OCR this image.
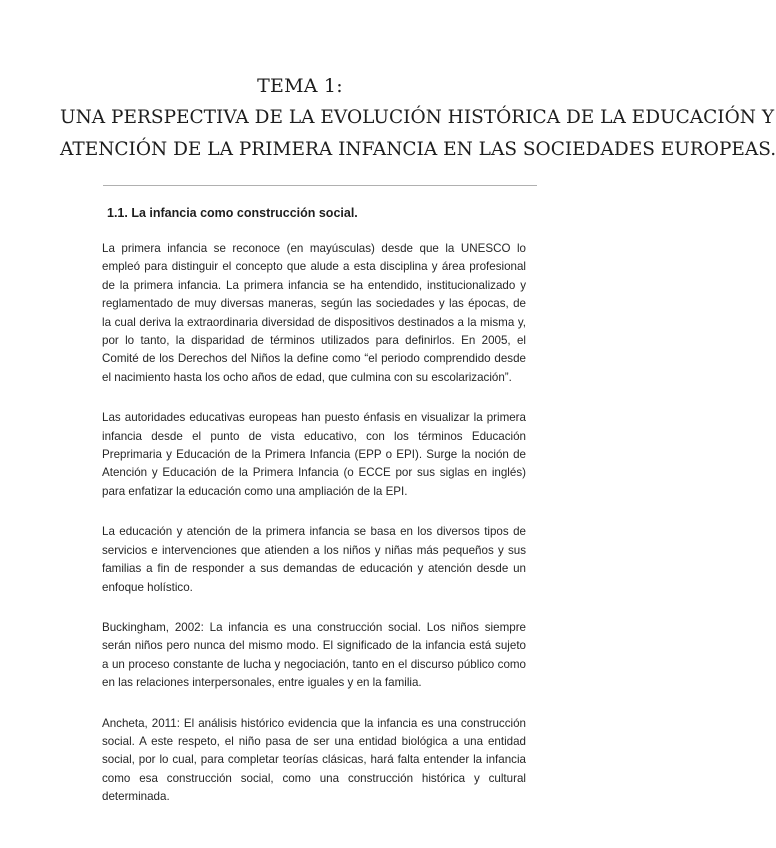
TEMA 1:
UNA PERSPECTIVA DE LA EVOLUCIÓN HISTÓRICA DE LA EDUCACIÓN Y
ATENCIÓN DE LA PRIMERA INFANCIA EN LAS SOCIEDADES EUROPEAS.
1.1. La infancia como construcción social.

La primera infancia se reconoce (en mayúsculas) desde que la UNESCO lo empleó para distinguir el concepto que alude a esta disciplina y área profesional de la primera infancia. La primera infancia se ha entendido, institucionalizado y reglamentado de muy diversas maneras, según las sociedades y las épocas, de la cual deriva la extraordinaria diversidad de dispositivos destinados a la misma y, por lo tanto, la disparidad de términos utilizados para definirlos. En 2005, el Comité de los Derechos del Niños la define como “el periodo comprendido desde el nacimiento hasta los ocho años de edad, que culmina con su escolarización”.

Las autoridades educativas europeas han puesto énfasis en visualizar la primera infancia desde el punto de vista educativo, con los términos Educación Preprimaria y Educación de la Primera Infancia (EPP o EPI). Surge la noción de Atención y Educación de la Primera Infancia (o ECCE por sus siglas en inglés) para enfatizar la educación como una ampliación de la EPI.

La educación y atención de la primera infancia se basa en los diversos tipos de servicios e intervenciones que atienden a los niños y niñas más pequeños y sus familias a fin de responder a sus demandas de educación y atención desde un enfoque holístico.

Buckingham, 2002: La infancia es una construcción social. Los niños siempre serán niños pero nunca del mismo modo. El significado de la infancia está sujeto a un proceso constante de lucha y negociación, tanto en el discurso público como en las relaciones interpersonales, entre iguales y en la familia.

Ancheta, 2011: El análisis histórico evidencia que la infancia es una construcción social. A este respeto, el niño pasa de ser una entidad biológica a una entidad social, por lo cual, para completar teorías clásicas, hará falta entender la infancia como esa construcción social, como una construcción histórica y cultural determinada.
